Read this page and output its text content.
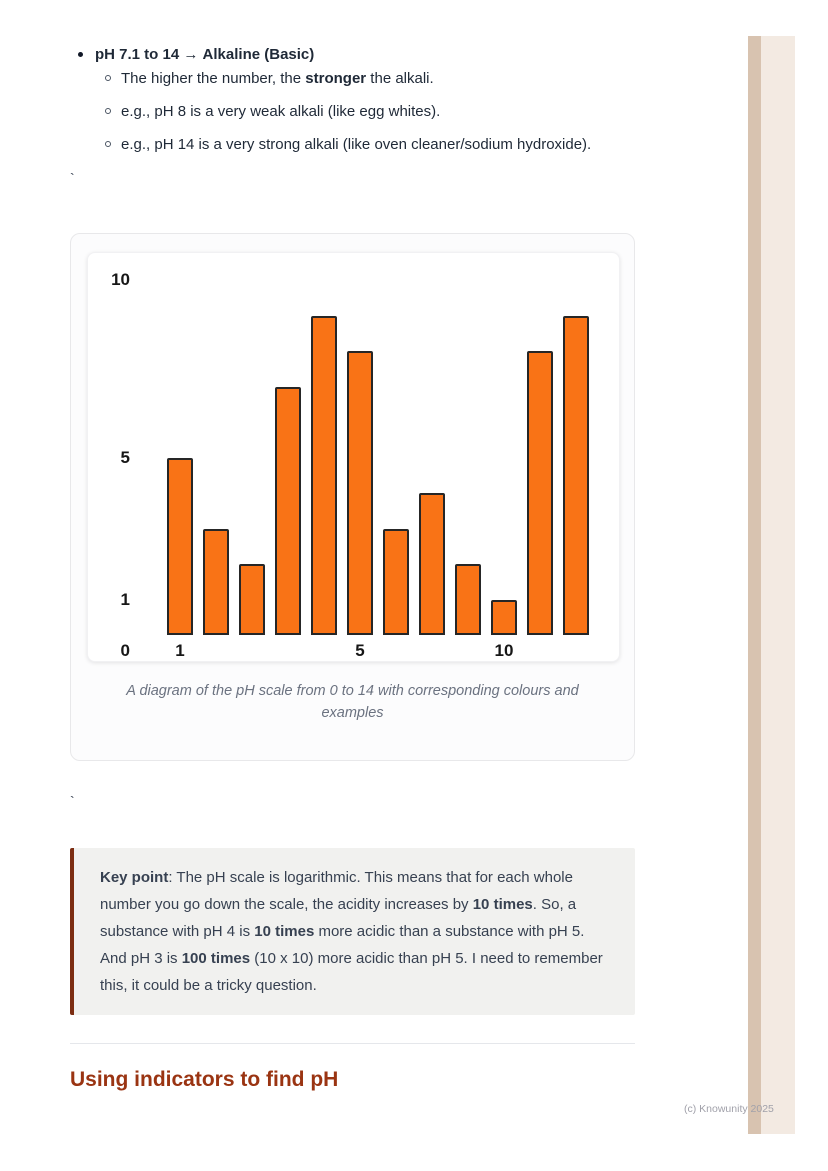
pH 7.1 to 14 → Alkaline (Basic)
The higher the number, the stronger the alkali.
e.g., pH 8 is a very weak alkali (like egg whites).
e.g., pH 14 is a very strong alkali (like oven cleaner/sodium hydroxide).
`
`
1
5
10
0	1	5	10
A diagram of the pH scale from 0 to 14 with corresponding colours and examples
Key point: The pH scale is logarithmic. This means that for each whole number you go down the scale, the acidity increases by 10 times. So, a substance with pH 4 is 10 times more acidic than a substance with pH 5. And pH 3 is 100 times (10 x 10) more acidic than pH 5. I need to remember this, it could be a tricky question.
Using indicators to find pH
(c) Knowunity 2025
